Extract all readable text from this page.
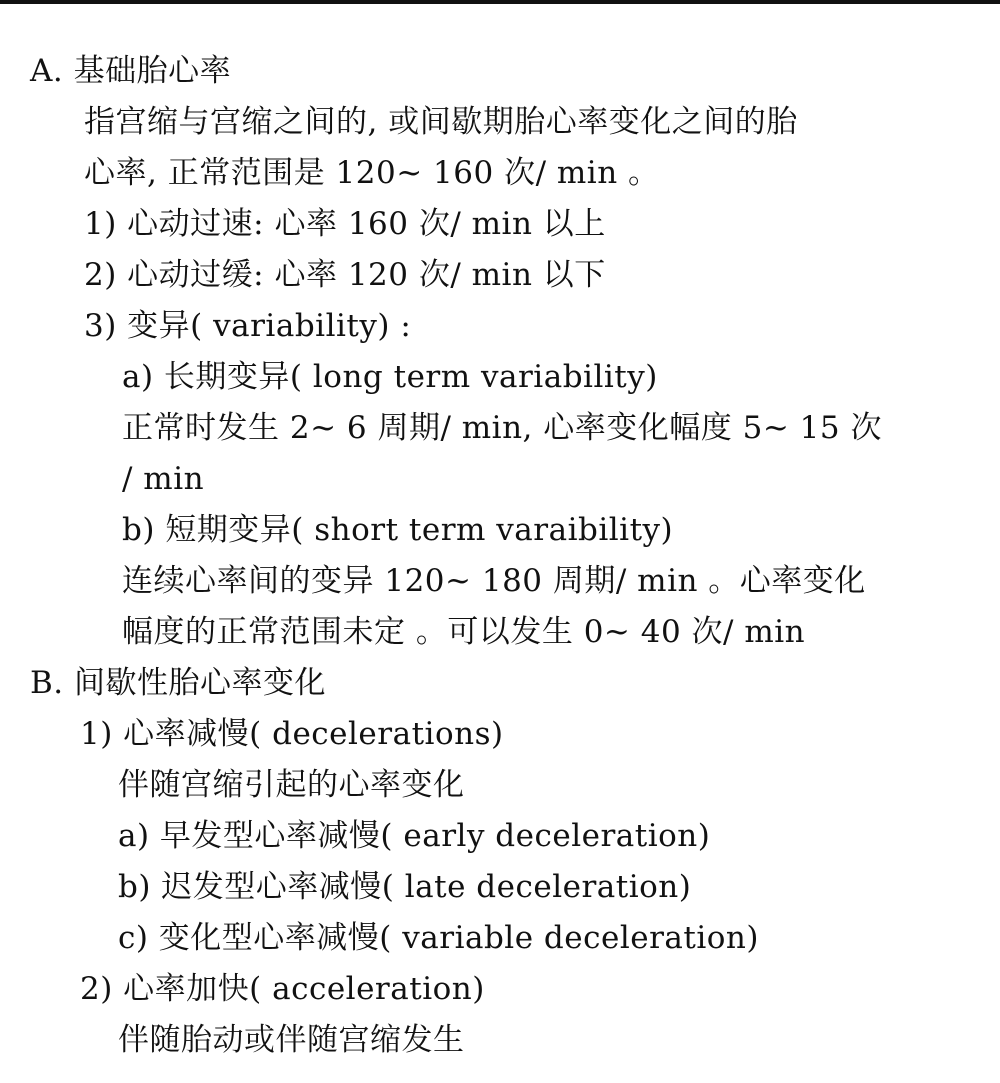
A. 基础胎心率
指宫缩与宫缩之间的, 或间歇期胎心率变化之间的胎
心率, 正常范围是 120~ 160 次/ min 。
1) 心动过速: 心率 160 次/ min 以上
2) 心动过缓: 心率 120 次/ min 以下
3) 变异( variability) :
a) 长期变异( long term variability)
正常时发生 2~ 6 周期/ min, 心率变化幅度 5~ 15 次
/ min
b) 短期变异( short term varaibility)
连续心率间的变异 120~ 180 周期/ min 。心率变化
幅度的正常范围未定 。可以发生 0~ 40 次/ min
B. 间歇性胎心率变化
1) 心率减慢( decelerations)
伴随宫缩引起的心率变化
a) 早发型心率减慢( early deceleration)
b) 迟发型心率减慢( late deceleration)
c) 变化型心率减慢( variable deceleration)
2) 心率加快( acceleration)
伴随胎动或伴随宫缩发生
